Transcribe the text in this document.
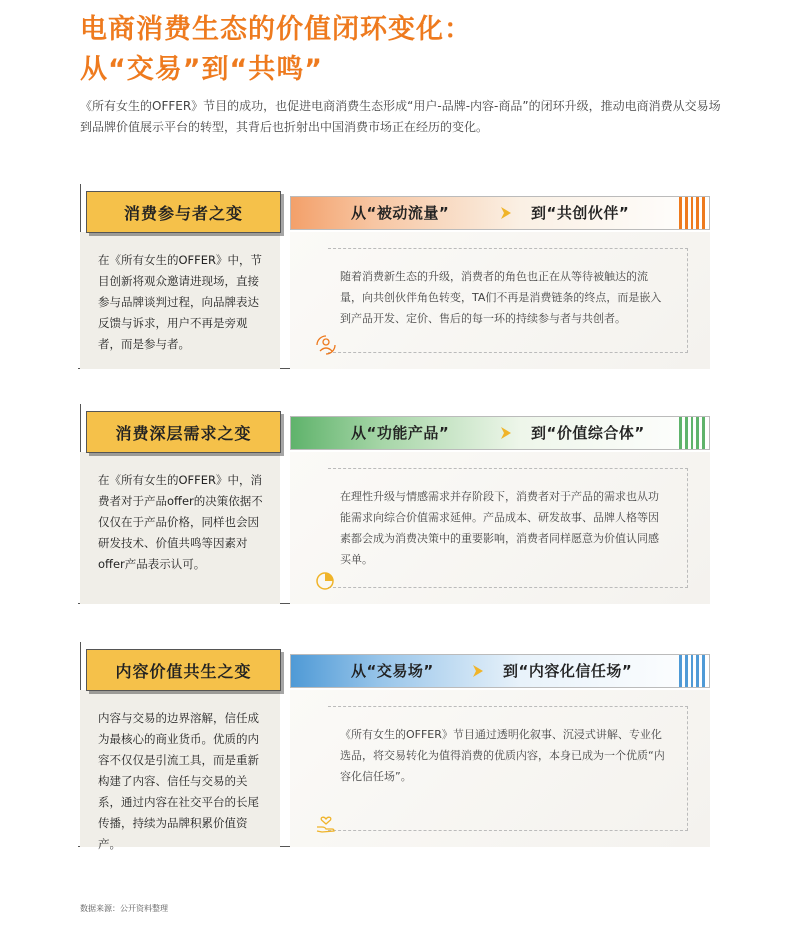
电商消费生态的价值闭环变化：
从“交易”到“共鸣”

《所有女生的OFFER》节目的成功，也促进电商消费生态形成“用户-品牌-内容-商品”的闭环升级，推动电商消费从交易场到品牌价值展示平台的转型，其背后也折射出中国消费市场正在经历的变化。

在《所有女生的OFFER》中，节目创新将观众邀请进现场，直接参与品牌谈判过程，向品牌表达反馈与诉求，用户不再是旁观者，而是参与者。
随着消费新生态的升级，消费者的角色也正在从等待被触达的流量，向共创伙伴角色转变，TA们不再是消费链条的终点，而是嵌入到产品开发、定价、售后的每一环的持续参与者与共创者。
从“被动流量”	到“共创伙伴”
消费参与者之变
在《所有女生的OFFER》中，消费者对于产品offer的决策依据不仅仅在于产品价格，同样也会因研发技术、价值共鸣等因素对offer产品表示认可。
在理性升级与情感需求并存阶段下，消费者对于产品的需求也从功能需求向综合价值需求延伸。产品成本、研发故事、品牌人格等因素都会成为消费决策中的重要影响，消费者同样愿意为价值认同感买单。
从“功能产品”	到“价值综合体”
消费深层需求之变
内容与交易的边界溶解，信任成为最核心的商业货币。优质的内容不仅仅是引流工具，而是重新构建了内容、信任与交易的关系，通过内容在社交平台的长尾传播，持续为品牌积累价值资产。
《所有女生的OFFER》节目通过透明化叙事、沉浸式讲解、专业化选品，将交易转化为值得消费的优质内容，本身已成为一个优质“内容化信任场”。
从“交易场”	到“内容化信任场”
内容价值共生之变
数据来源：公开资料整理
